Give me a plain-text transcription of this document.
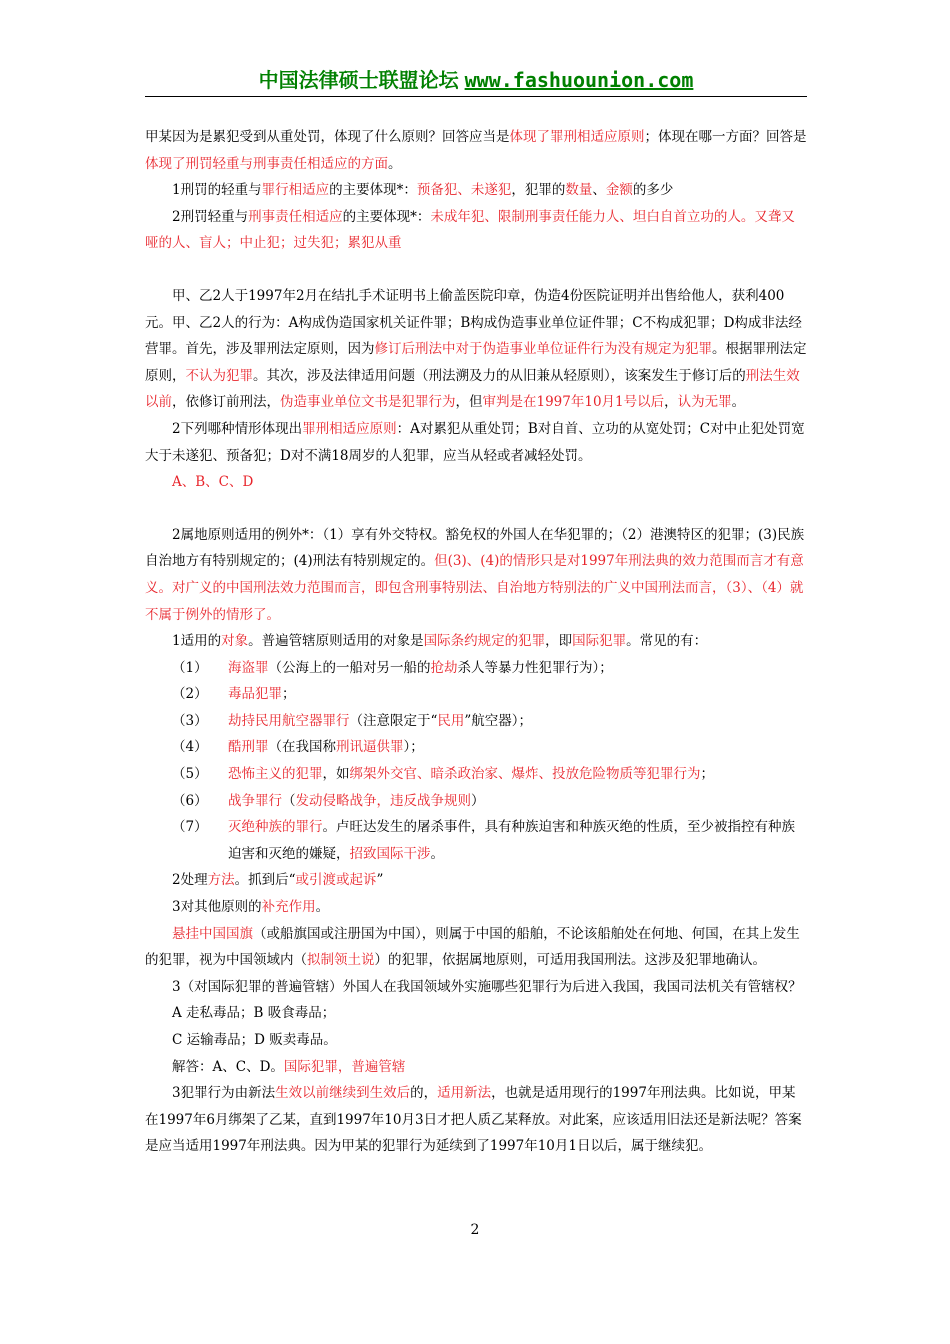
中国法律硕士联盟论坛 www.fashuounion.com

甲某因为是累犯受到从重处罚，体现了什么原则？回答应当是体现了罪刑相适应原则；体现在哪一方面？回答是体现了刑罚轻重与刑事责任相适应的方面。

1刑罚的轻重与罪行相适应的主要体现*：预备犯、未遂犯，犯罪的数量、金额的多少

2刑罚轻重与刑事责任相适应的主要体现*：未成年犯、限制刑事责任能力人、坦白自首立功的人。又聋又哑的人、盲人；中止犯；过失犯；累犯从重

甲、乙2人于1997年2月在结扎手术证明书上偷盖医院印章，伪造4份医院证明并出售给他人，获利400元。甲、乙2人的行为：A构成伪造国家机关证件罪；B构成伪造事业单位证件罪；C不构成犯罪；D构成非法经营罪。首先，涉及罪刑法定原则，因为修订后刑法中对于伪造事业单位证件行为没有规定为犯罪。根据罪刑法定原则，不认为犯罪。其次，涉及法律适用问题（刑法溯及力的从旧兼从轻原则），该案发生于修订后的刑法生效以前，依修订前刑法，伪造事业单位文书是犯罪行为，但审判是在1997年10月1号以后，认为无罪。

2下列哪种情形体现出罪刑相适应原则：A对累犯从重处罚；B对自首、立功的从宽处罚；C对中止犯处罚宽大于未遂犯、预备犯；D对不满18周岁的人犯罪，应当从轻或者减轻处罚。

A、B、C、D

2属地原则适用的例外*：（1）享有外交特权。豁免权的外国人在华犯罪的；（2）港澳特区的犯罪；(3)民族自治地方有特别规定的；(4)刑法有特别规定的。但(3)、(4)的情形只是对1997年刑法典的效力范围而言才有意义。对广义的中国刑法效力范围而言，即包含刑事特别法、自治地方特别法的广义中国刑法而言，（3）、（4）就不属于例外的情形了。

1适用的对象。普遍管辖原则适用的对象是国际条约规定的犯罪，即国际犯罪。常见的有：

（1）	海盗罪（公海上的一船对另一船的抢劫杀人等暴力性犯罪行为）；
（2）	毒品犯罪；
（3）	劫持民用航空器罪行（注意限定于“民用”航空器）；
（4）	酷刑罪（在我国称刑讯逼供罪）；
（5）	恐怖主义的犯罪，如绑架外交官、暗杀政治家、爆炸、投放危险物质等犯罪行为；
（6）	战争罪行（发动侵略战争，违反战争规则）
（7）	灭绝种族的罪行。卢旺达发生的屠杀事件，具有种族迫害和种族灭绝的性质，至少被指控有种族迫害和灭绝的嫌疑，招致国际干涉。

2处理方法。抓到后“或引渡或起诉”

3对其他原则的补充作用。

悬挂中国国旗（或船旗国或注册国为中国），则属于中国的船舶，不论该船舶处在何地、何国，在其上发生的犯罪，视为中国领域内（拟制领土说）的犯罪，依据属地原则，可适用我国刑法。这涉及犯罪地确认。

3（对国际犯罪的普遍管辖）外国人在我国领域外实施哪些犯罪行为后进入我国，我国司法机关有管辖权？

A 走私毒品；B 吸食毒品；

C 运输毒品；D 贩卖毒品。

解答：A、C、D。国际犯罪，普遍管辖

3犯罪行为由新法生效以前继续到生效后的，适用新法，也就是适用现行的1997年刑法典。比如说，甲某在1997年6月绑架了乙某，直到1997年10月3日才把人质乙某释放。对此案，应该适用旧法还是新法呢？答案是应当适用1997年刑法典。因为甲某的犯罪行为延续到了1997年10月1日以后，属于继续犯。

2
